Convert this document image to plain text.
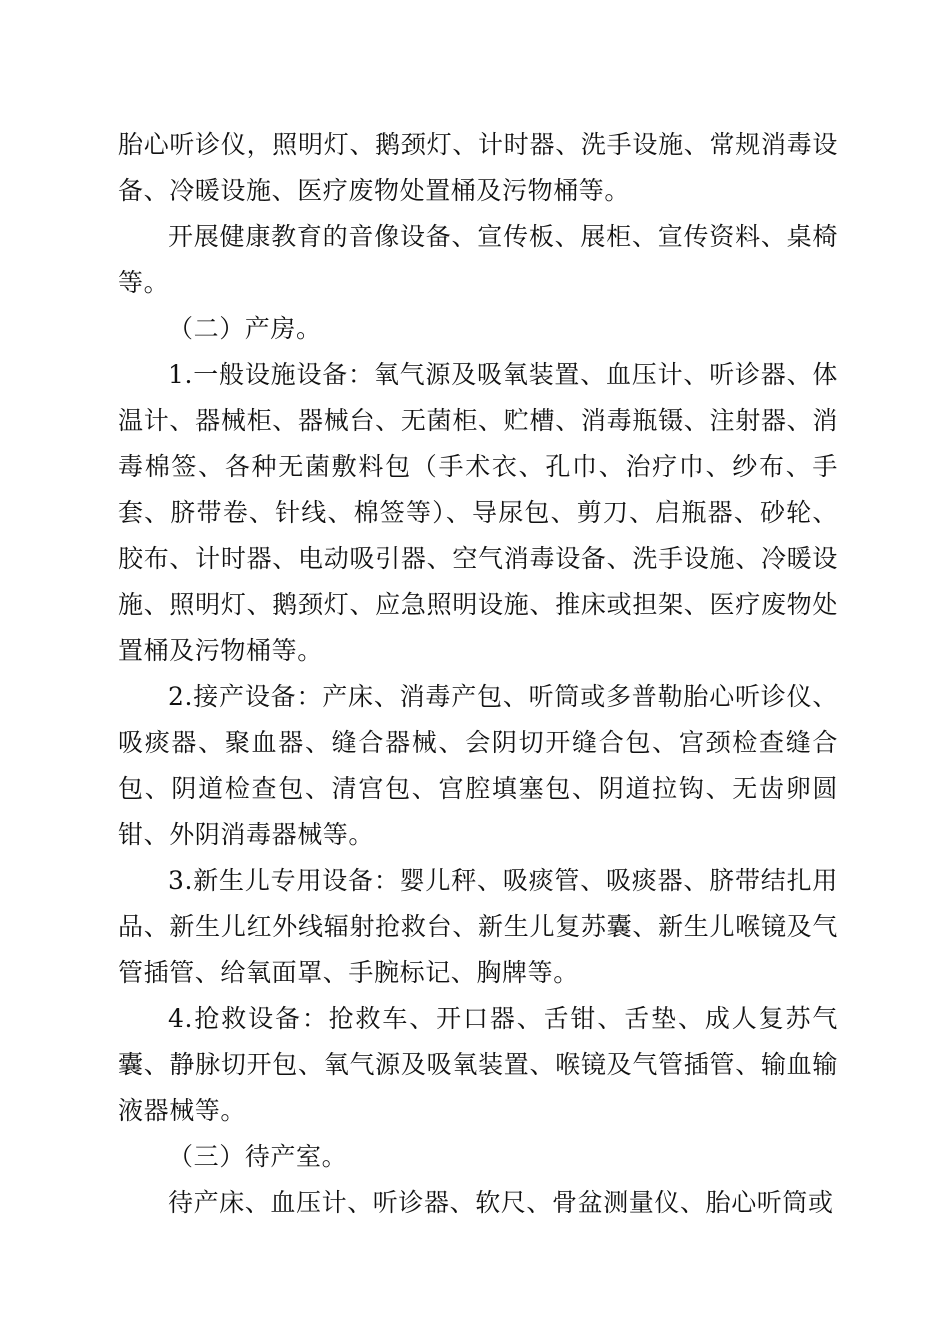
胎心听诊仪，照明灯、鹅颈灯、计时器、洗手设施、常规消毒设备、冷暖设施、医疗废物处置桶及污物桶等。

开展健康教育的音像设备、宣传板、展柜、宣传资料、桌椅等。

（二）产房。

1.一般设施设备：氧气源及吸氧装置、血压计、听诊器、体温计、器械柜、器械台、无菌柜、贮槽、消毒瓶镊、注射器、消毒棉签、各种无菌敷料包（手术衣、孔巾、治疗巾、纱布、手套、脐带卷、针线、棉签等）、导尿包、剪刀、启瓶器、砂轮、胶布、计时器、电动吸引器、空气消毒设备、洗手设施、冷暖设施、照明灯、鹅颈灯、应急照明设施、推床或担架、医疗废物处置桶及污物桶等。

2.接产设备：产床、消毒产包、听筒或多普勒胎心听诊仪、吸痰器、聚血器、缝合器械、会阴切开缝合包、宫颈检查缝合包、阴道检查包、清宫包、宫腔填塞包、阴道拉钩、无齿卵圆钳、外阴消毒器械等。

3.新生儿专用设备：婴儿秤、吸痰管、吸痰器、脐带结扎用品、新生儿红外线辐射抢救台、新生儿复苏囊、新生儿喉镜及气管插管、给氧面罩、手腕标记、胸牌等。

4.抢救设备：抢救车、开口器、舌钳、舌垫、成人复苏气囊、静脉切开包、氧气源及吸氧装置、喉镜及气管插管、输血输液器械等。

（三）待产室。

待产床、血压计、听诊器、软尺、骨盆测量仪、胎心听筒或
